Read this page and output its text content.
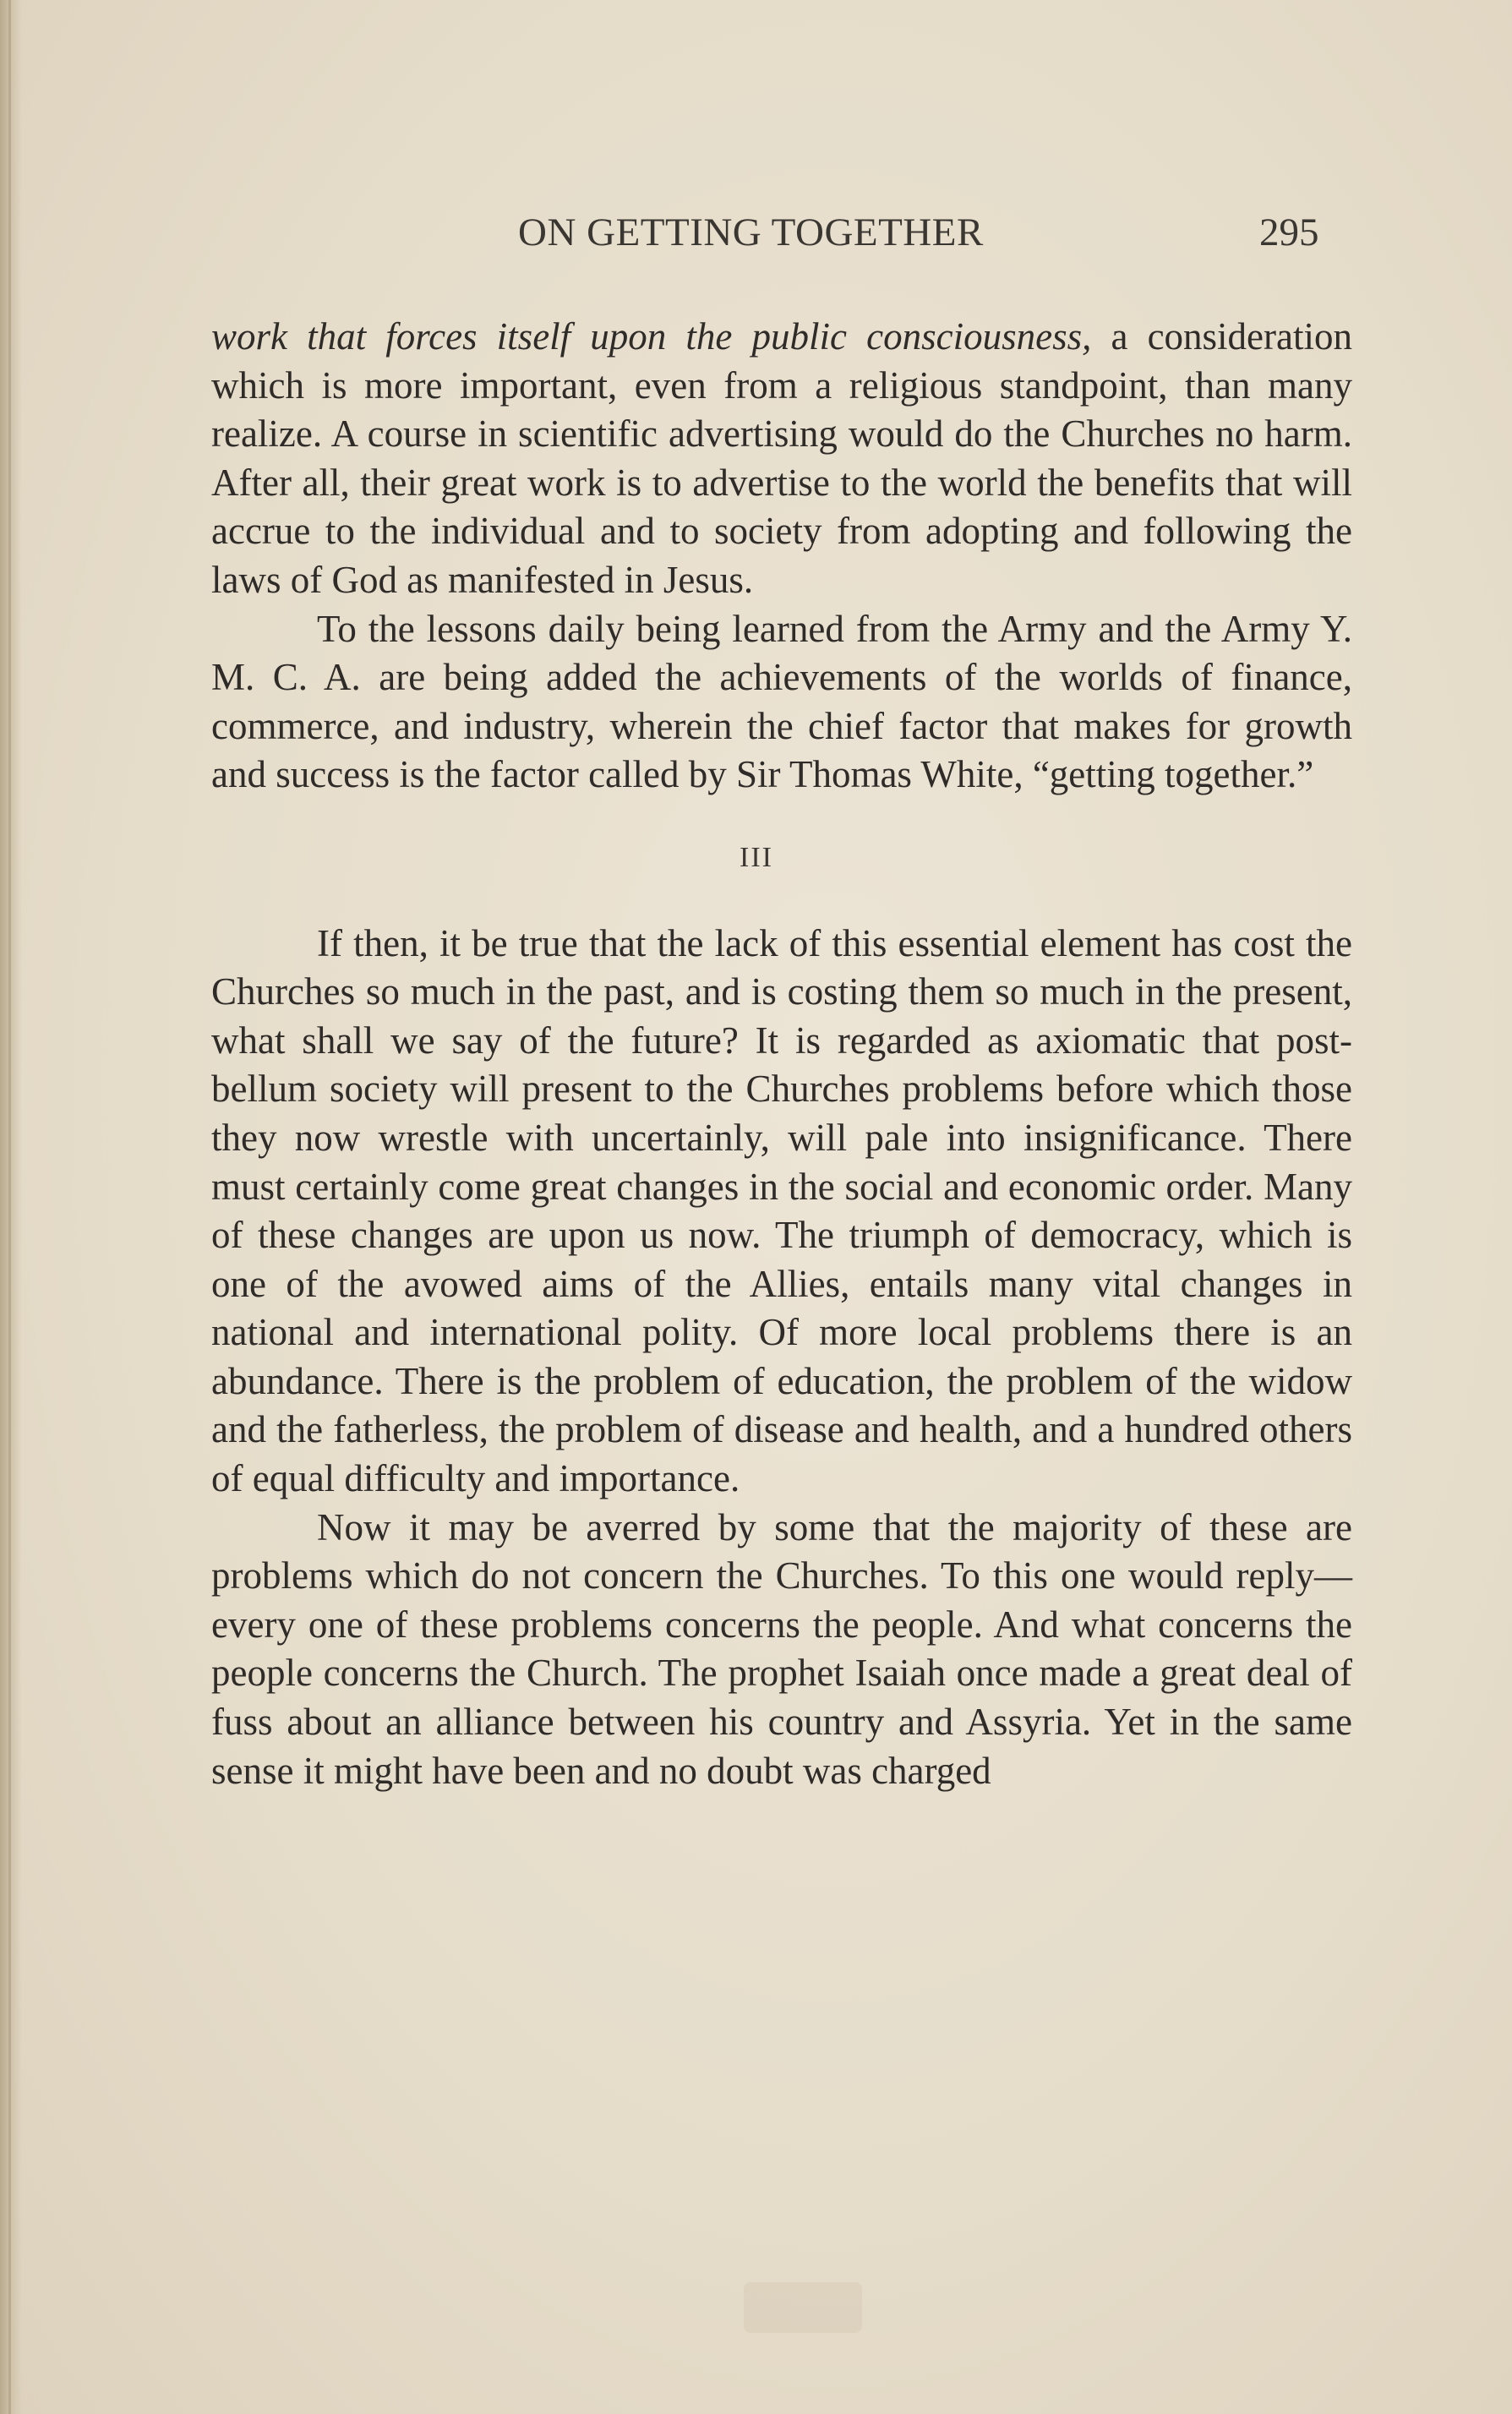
ON GETTING TOGETHER	295

work that forces itself upon the public consciousness, a consideration which is more important, even from a religious standpoint, than many realize. A course in scientific advertising would do the Churches no harm. After all, their great work is to advertise to the world the benefits that will accrue to the individual and to society from adopting and following the laws of God as manifested in Jesus.

To the lessons daily being learned from the Army and the Army Y. M. C. A. are being added the achievements of the worlds of finance, commerce, and industry, wherein the chief factor that makes for growth and success is the factor called by Sir Thomas White, “getting together.”

III

If then, it be true that the lack of this essential element has cost the Churches so much in the past, and is costing them so much in the present, what shall we say of the future? It is regarded as axiomatic that post-bellum society will present to the Churches problems before which those they now wrestle with uncertainly, will pale into insignificance. There must certainly come great changes in the social and economic order. Many of these changes are upon us now. The triumph of democracy, which is one of the avowed aims of the Allies, entails many vital changes in national and international polity. Of more local problems there is an abundance. There is the problem of education, the problem of the widow and the fatherless, the problem of disease and health, and a hundred others of equal difficulty and importance.

Now it may be averred by some that the majority of these are problems which do not concern the Churches. To this one would reply—every one of these problems concerns the people. And what concerns the people concerns the Church. The prophet Isaiah once made a great deal of fuss about an alliance between his country and Assyria. Yet in the same sense it might have been and no doubt was charged
